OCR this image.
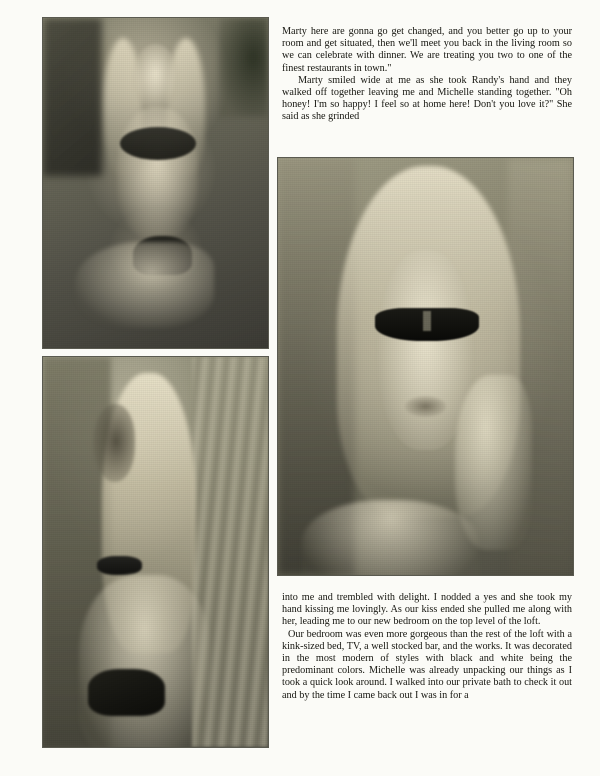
Marty here are gonna go get changed, and you better go up to your room and get situated, then we'll meet you back in the living room so we can celebrate with dinner. We are treating you two to one of the finest restaurants in town."

Marty smiled wide at me as she took Randy's hand and they walked off together leaving me and Michelle standing together. "Oh honey! I'm so happy! I feel so at home here! Don't you love it?" She said as she grinded

into me and trembled with delight. I nodded a yes and she took my hand kissing me lovingly. As our kiss ended she pulled me along with her, leading me to our new bedroom on the top level of the loft.

Our bedroom was even more gorgeous than the rest of the loft with a kink-sized bed, TV, a well stocked bar, and the works. It was decorated in the most modern of styles with black and white being the predominant colors. Michelle was already unpacking our things as I took a quick look around. I walked into our private bath to check it out and by the time I came back out I was in for a
